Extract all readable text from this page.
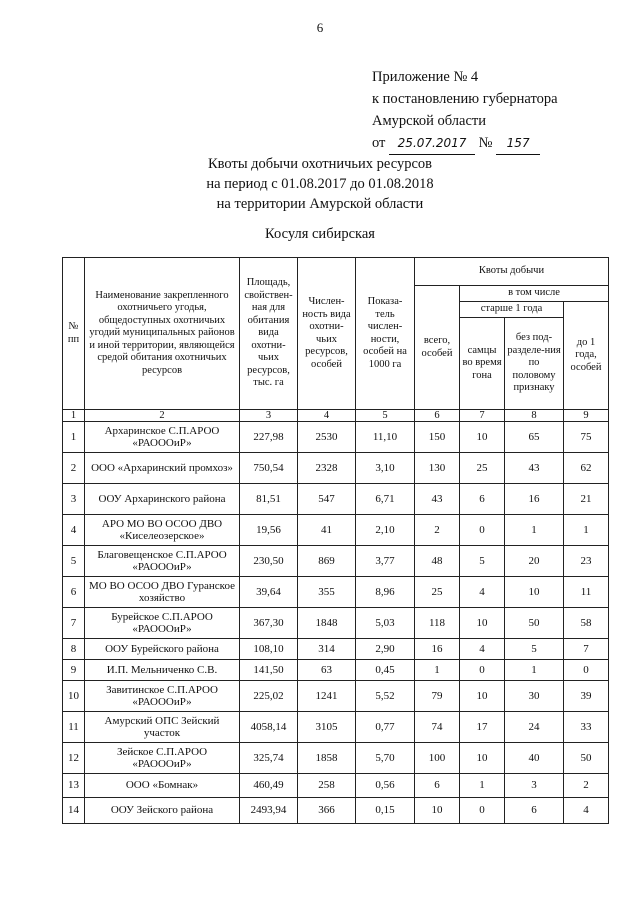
6
Приложение № 4
к постановлению губернатора
Амурской области
от 25.07.2017 № 157
Квоты добычи охотничьих ресурсов
на период с 01.08.2017 до 01.08.2018
на территории Амурской области
Косуля сибирская
№ пп	Наименование закрепленного охотничьего угодья, общедоступных охотничьих угодий муниципальных районов и иной территории, являющейся средой обитания охотничьих ресурсов	Площадь, свойствен-ная для обитания вида охотни-чьих ресурсов, тыс. га	Числен-ность вида охотни-чьих ресурсов, особей	Показа-тель числен-ности, особей на 1000 га	Квоты добычи			
					всего, особей	в том числе		
						старше 1 года		до 1 года, особей
						самцы во время гона	без под-разделе-ния по половому признаку	
1	2	3	4	5	6	7	8	9
1	Архаринское С.П.АРОО «РАОООиР»	227,98	2530	11,10	150	10	65	75
2	ООО «Архаринский промхоз»	750,54	2328	3,10	130	25	43	62
3	ООУ Архаринского района	81,51	547	6,71	43	6	16	21
4	АРО МО ВО ОСОО ДВО «Киселеозерское»	19,56	41	2,10	2	0	1	1
5	Благовещенское С.П.АРОО «РАОООиР»	230,50	869	3,77	48	5	20	23
6	МО ВО ОСОО ДВО Гуранское хозяйство	39,64	355	8,96	25	4	10	11
7	Бурейское С.П.АРОО «РАОООиР»	367,30	1848	5,03	118	10	50	58
8	ООУ Бурейского района	108,10	314	2,90	16	4	5	7
9	И.П. Мельниченко С.В.	141,50	63	0,45	1	0	1	0
10	Завитинское С.П.АРОО «РАОООиР»	225,02	1241	5,52	79	10	30	39
11	Амурский ОПС Зейский участок	4058,14	3105	0,77	74	17	24	33
12	Зейское С.П.АРОО «РАОООиР»	325,74	1858	5,70	100	10	40	50
13	ООО «Бомнак»	460,49	258	0,56	6	1	3	2
14	ООУ Зейского района	2493,94	366	0,15	10	0	6	4
